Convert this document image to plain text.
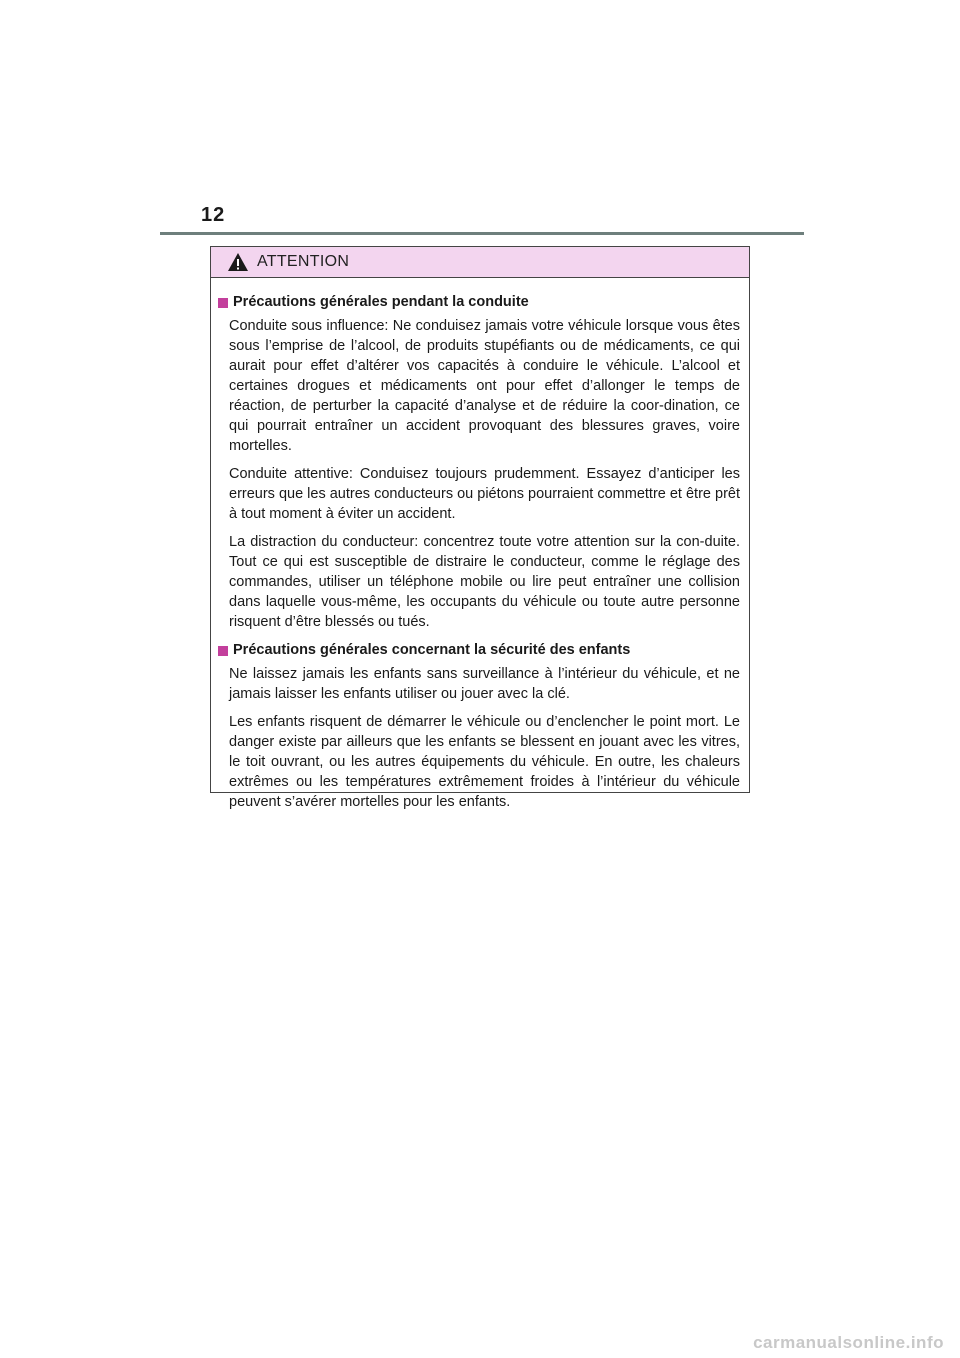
12
ATTENTION
Précautions générales pendant la conduite

Conduite sous influence: Ne conduisez jamais votre véhicule lorsque vous êtes sous l’emprise de l’alcool, de produits stupéfiants ou de médicaments, ce qui aurait pour effet d’altérer vos capacités à conduire le véhicule. L’alcool et certaines drogues et médicaments ont pour effet d’allonger le temps de réaction, de perturber la capacité d’analyse et de réduire la coor-dination, ce qui pourrait entraîner un accident provoquant des blessures graves, voire mortelles.

Conduite attentive: Conduisez toujours prudemment. Essayez d’anticiper les erreurs que les autres conducteurs ou piétons pourraient commettre et être prêt à tout moment à éviter un accident.

La distraction du conducteur: concentrez toute votre attention sur la con-duite. Tout ce qui est susceptible de distraire le conducteur, comme le réglage des commandes, utiliser un téléphone mobile ou lire peut entraîner une collision dans laquelle vous-même, les occupants du véhicule ou toute autre personne risquent d’être blessés ou tués.

Précautions générales concernant la sécurité des enfants

Ne laissez jamais les enfants sans surveillance à l’intérieur du véhicule, et ne jamais laisser les enfants utiliser ou jouer avec la clé.

Les enfants risquent de démarrer le véhicule ou d’enclencher le point mort. Le danger existe par ailleurs que les enfants se blessent en jouant avec les vitres, le toit ouvrant, ou les autres équipements du véhicule. En outre, les chaleurs extrêmes ou les températures extrêmement froides à l’intérieur du véhicule peuvent s’avérer mortelles pour les enfants.

carmanualsonline.info
